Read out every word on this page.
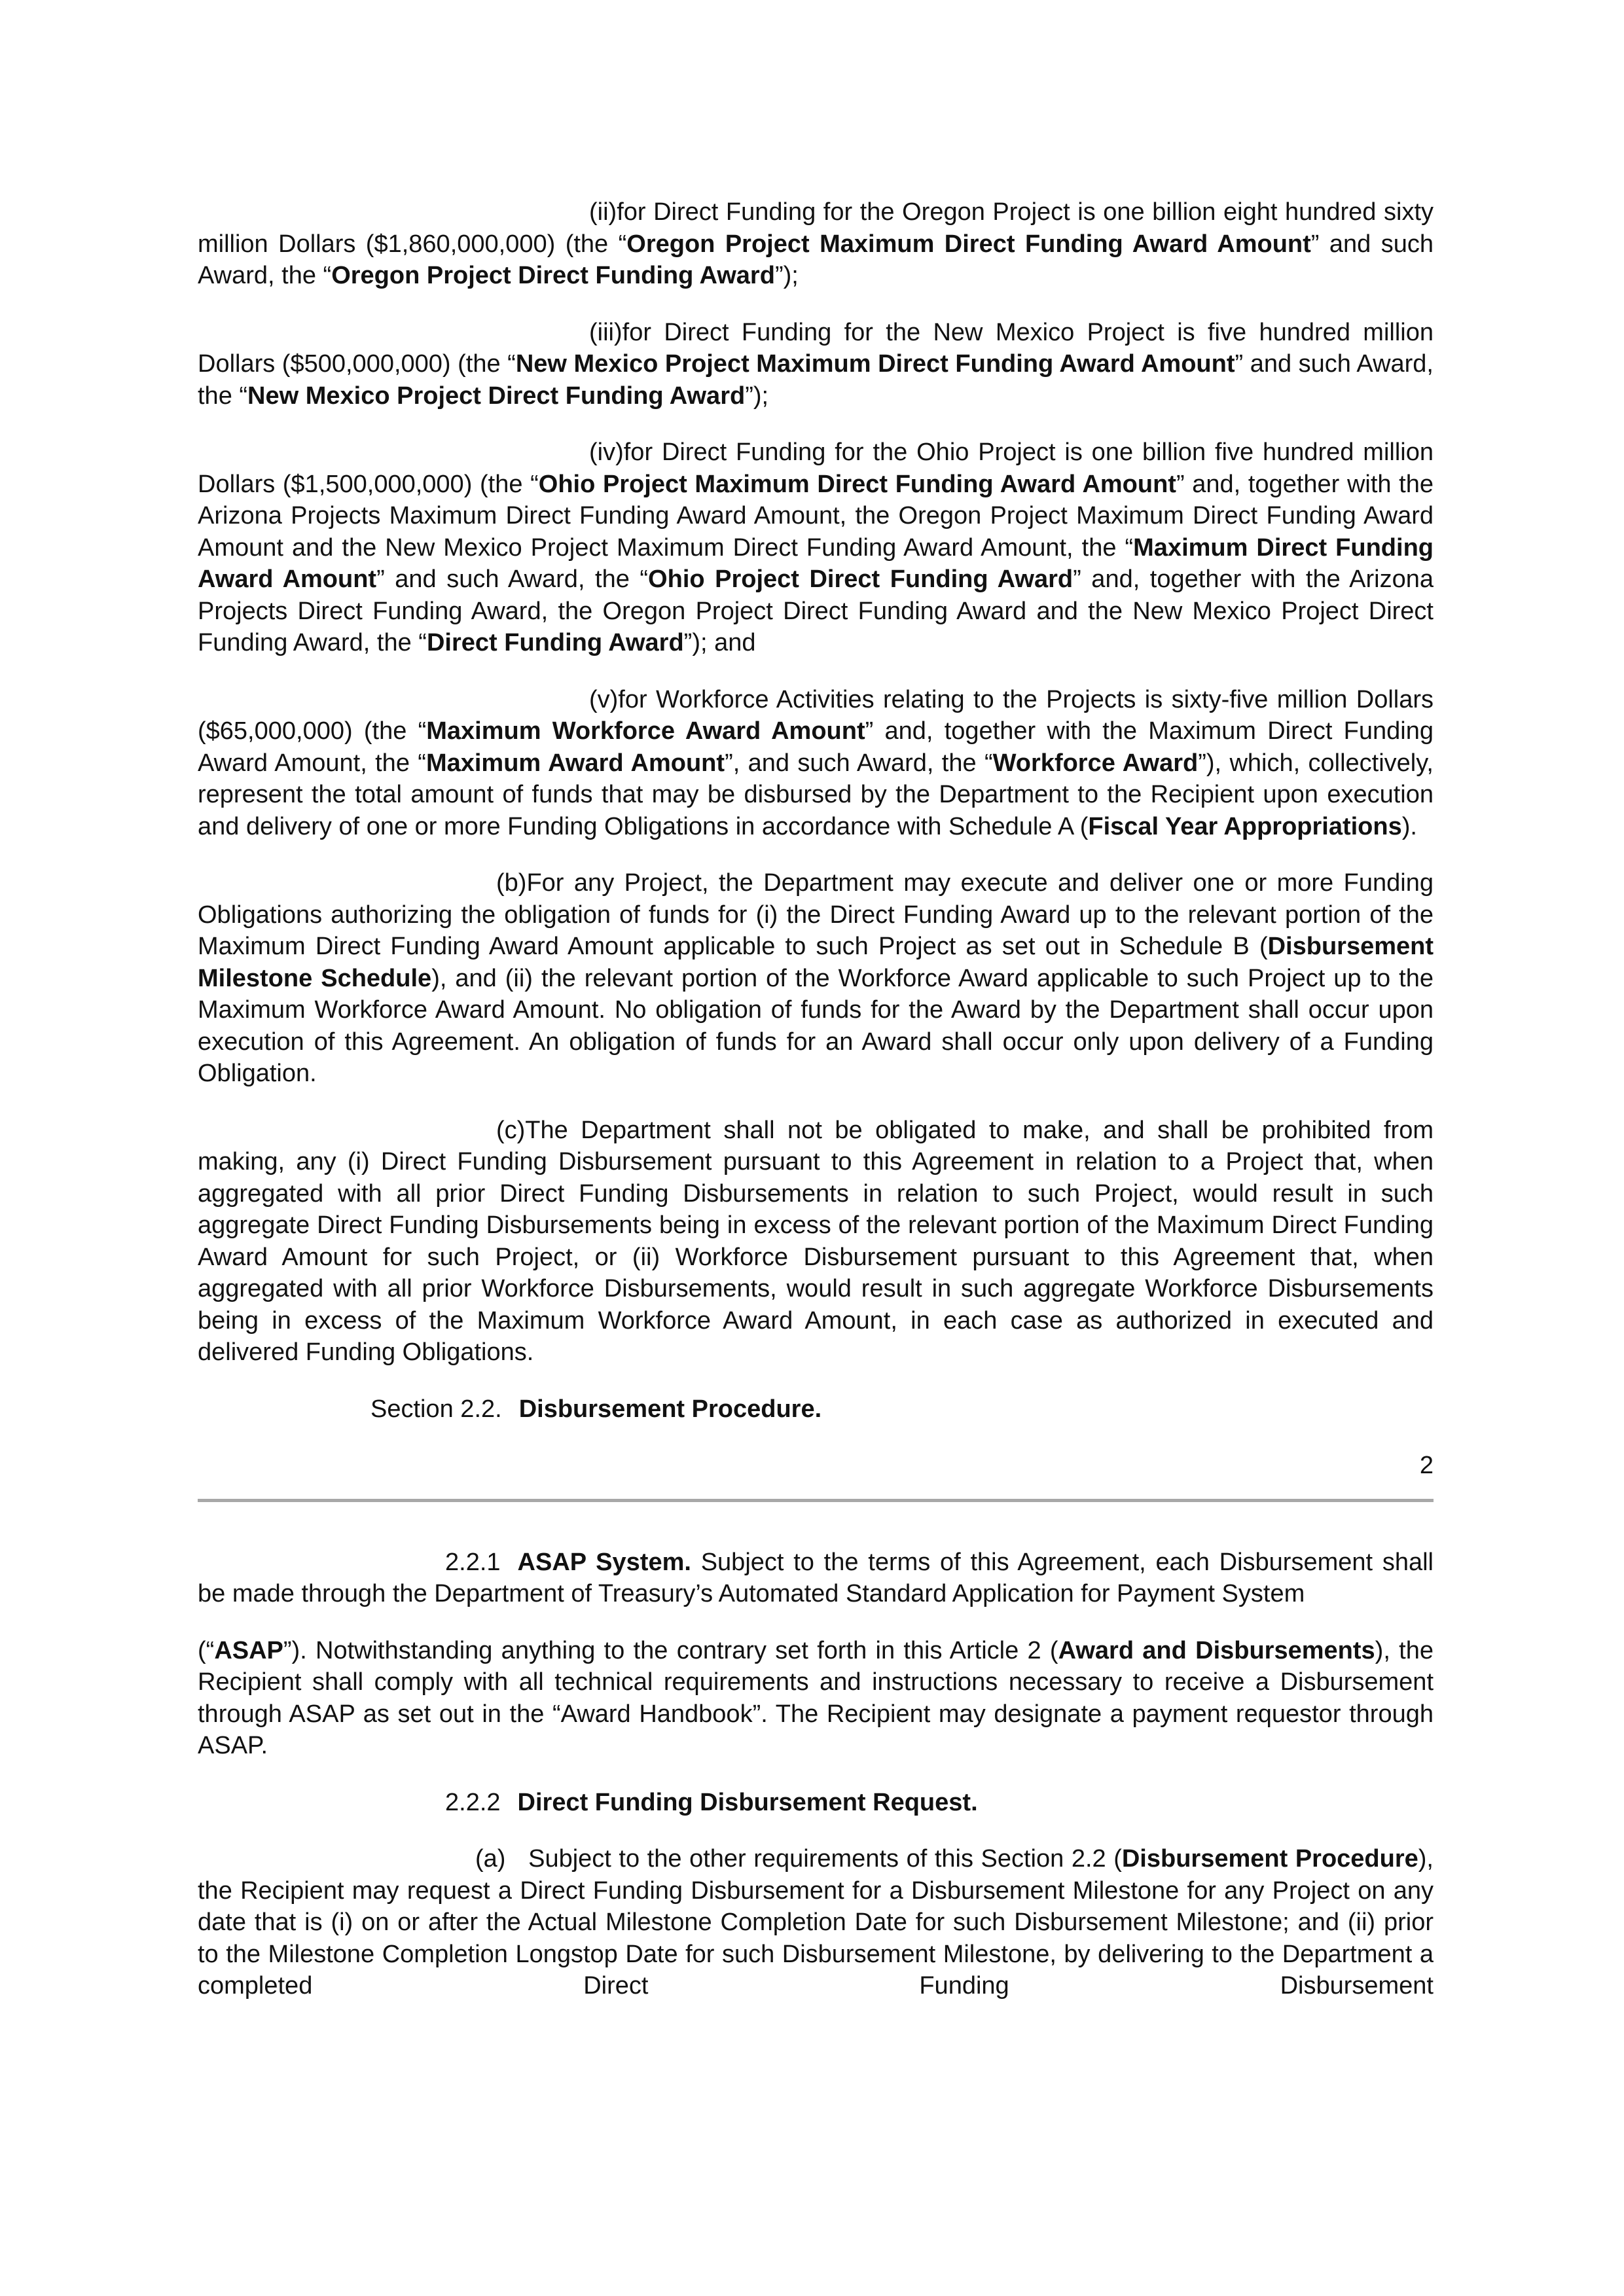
(ii)for Direct Funding for the Oregon Project is one billion eight hundred sixty million Dollars ($1,860,000,000) (the “Oregon Project Maximum Direct Funding Award Amount” and such Award, the “Oregon Project Direct Funding Award”);

(iii)for Direct Funding for the New Mexico Project is five hundred million Dollars ($500,000,000) (the “New Mexico Project Maximum Direct Funding Award Amount” and such Award, the “New Mexico Project Direct Funding Award”);

(iv)for Direct Funding for the Ohio Project is one billion five hundred million Dollars ($1,500,000,000) (the “Ohio Project Maximum Direct Funding Award Amount” and, together with the Arizona Projects Maximum Direct Funding Award Amount, the Oregon Project Maximum Direct Funding Award Amount and the New Mexico Project Maximum Direct Funding Award Amount, the “Maximum Direct Funding Award Amount” and such Award, the “Ohio Project Direct Funding Award” and, together with the Arizona Projects Direct Funding Award, the Oregon Project Direct Funding Award and the New Mexico Project Direct Funding Award, the “Direct Funding Award”); and

(v)for Workforce Activities relating to the Projects is sixty-five million Dollars ($65,000,000) (the “Maximum Workforce Award Amount” and, together with the Maximum Direct Funding Award Amount, the “Maximum Award Amount”, and such Award, the “Workforce Award”), which, collectively, represent the total amount of funds that may be disbursed by the Department to the Recipient upon execution and delivery of one or more Funding Obligations in accordance with Schedule A (Fiscal Year Appropriations).

(b)For any Project, the Department may execute and deliver one or more Funding Obligations authorizing the obligation of funds for (i) the Direct Funding Award up to the relevant portion of the Maximum Direct Funding Award Amount applicable to such Project as set out in Schedule B (Disbursement Milestone Schedule), and (ii) the relevant portion of the Workforce Award applicable to such Project up to the Maximum Workforce Award Amount. No obligation of funds for the Award by the Department shall occur upon execution of this Agreement. An obligation of funds for an Award shall occur only upon delivery of a Funding Obligation.

(c)The Department shall not be obligated to make, and shall be prohibited from making, any (i) Direct Funding Disbursement pursuant to this Agreement in relation to a Project that, when aggregated with all prior Direct Funding Disbursements in relation to such Project, would result in such aggregate Direct Funding Disbursements being in excess of the relevant portion of the Maximum Direct Funding Award Amount for such Project, or (ii) Workforce Disbursement pursuant to this Agreement that, when aggregated with all prior Workforce Disbursements, would result in such aggregate Workforce Disbursements being in excess of the Maximum Workforce Award Amount, in each case as authorized in executed and delivered Funding Obligations.

Section 2.2. Disbursement Procedure.

2

2.2.1 ASAP System. Subject to the terms of this Agreement, each Disbursement shall be made through the Department of Treasury’s Automated Standard Application for Payment System

(“ASAP”). Notwithstanding anything to the contrary set forth in this Article 2 (Award and Disbursements), the Recipient shall comply with all technical requirements and instructions necessary to receive a Disbursement through ASAP as set out in the “Award Handbook”. The Recipient may designate a payment requestor through ASAP.

2.2.2 Direct Funding Disbursement Request.

(a)   Subject to the other requirements of this Section 2.2 (Disbursement Procedure), the Recipient may request a Direct Funding Disbursement for a Disbursement Milestone for any Project on any date that is (i) on or after the Actual Milestone Completion Date for such Disbursement Milestone; and (ii) prior to the Milestone Completion Longstop Date for such Disbursement Milestone, by delivering to the Department a completed Direct Funding Disbursement
